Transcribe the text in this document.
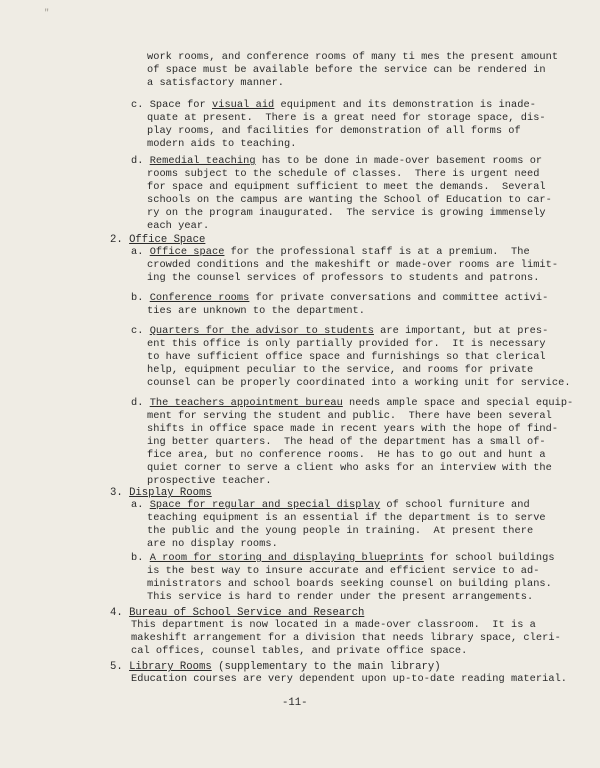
"
work rooms, and conference rooms of many ti mes the present amount
of space must be available before the service can be rendered in
a satisfactory manner.
c. Space for visual aid equipment and its demonstration is inade-
quate at present.  There is a great need for storage space, dis-
play rooms, and facilities for demonstration of all forms of
modern aids to teaching.
d. Remedial teaching has to be done in made-over basement rooms or
rooms subject to the schedule of classes.  There is urgent need
for space and equipment sufficient to meet the demands.  Several
schools on the campus are wanting the School of Education to car-
ry on the program inaugurated.  The service is growing immensely
each year.
2. Office Space
a. Office space for the professional staff is at a premium.  The
crowded conditions and the makeshift or made-over rooms are limit-
ing the counsel services of professors to students and patrons.
b. Conference rooms for private conversations and committee activi-
ties are unknown to the department.
c. Quarters for the advisor to students are important, but at pres-
ent this office is only partially provided for.  It is necessary
to have sufficient office space and furnishings so that clerical
help, equipment peculiar to the service, and rooms for private
counsel can be properly coordinated into a working unit for service.
d. The teachers appointment bureau needs ample space and special equip-
ment for serving the student and public.  There have been several
shifts in office space made in recent years with the hope of find-
ing better quarters.  The head of the department has a small of-
fice area, but no conference rooms.  He has to go out and hunt a
quiet corner to serve a client who asks for an interview with the
prospective teacher.
3. Display Rooms
a. Space for regular and special display of school furniture and
teaching equipment is an essential if the department is to serve
the public and the young people in training.  At present there
are no display rooms.
b. A room for storing and displaying blueprints for school buildings
is the best way to insure accurate and efficient service to ad-
ministrators and school boards seeking counsel on building plans.
This service is hard to render under the present arrangements.
4. Bureau of School Service and Research
This department is now located in a made-over classroom.  It is a
makeshift arrangement for a division that needs library space, cleri-
cal offices, counsel tables, and private office space.
5. Library Rooms (supplementary to the main library)
Education courses are very dependent upon up-to-date reading material.
-11-
